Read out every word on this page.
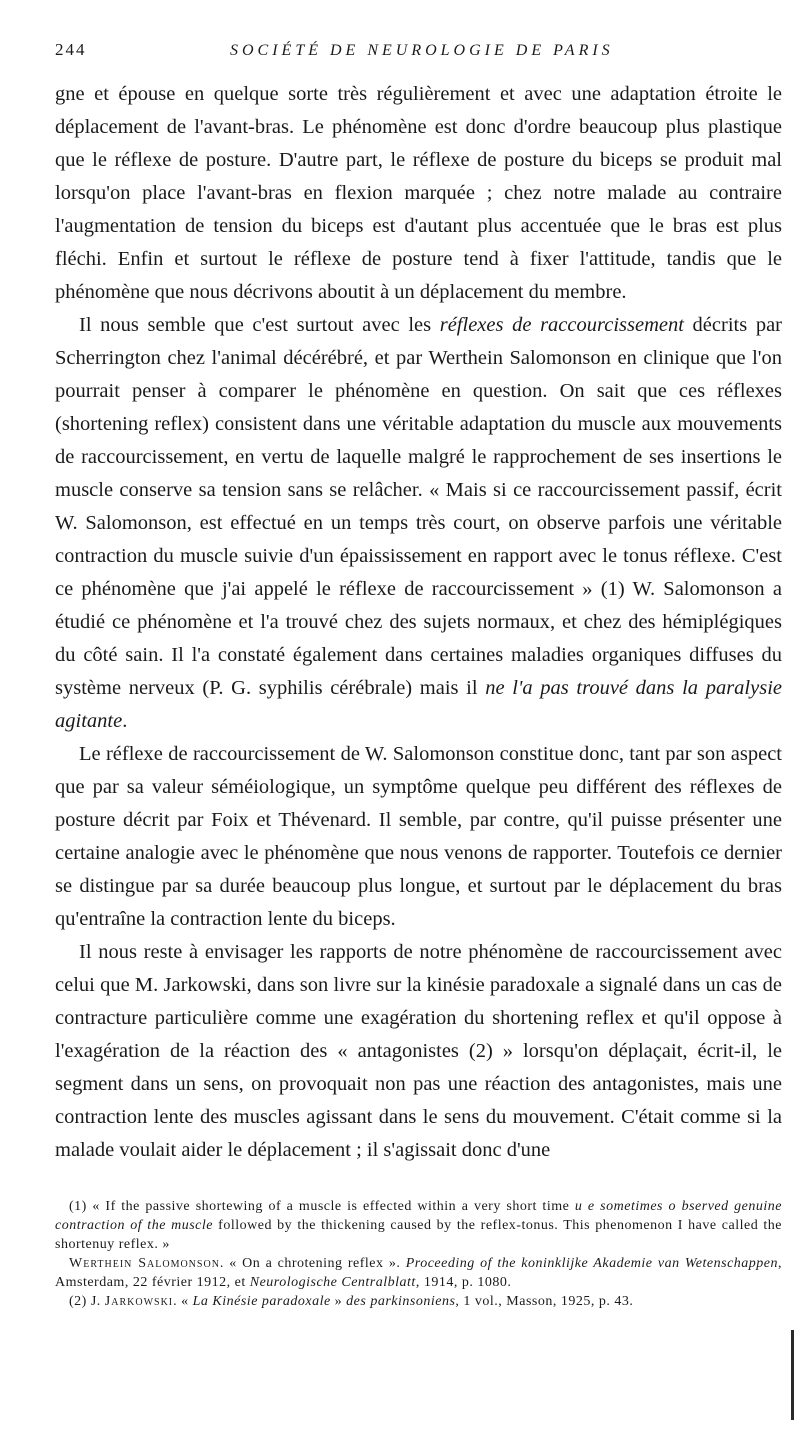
244	SOCIÉTÉ DE NEUROLOGIE DE PARIS

gne et épouse en quelque sorte très régulièrement et avec une adaptation étroite le déplacement de l'avant-bras. Le phénomène est donc d'ordre beaucoup plus plastique que le réflexe de posture. D'autre part, le réflexe de posture du biceps se produit mal lorsqu'on place l'avant-bras en flexion marquée ; chez notre malade au contraire l'augmentation de tension du biceps est d'autant plus accentuée que le bras est plus fléchi. Enfin et surtout le réflexe de posture tend à fixer l'attitude, tandis que le phénomène que nous décrivons aboutit à un déplacement du membre.

Il nous semble que c'est surtout avec les réflexes de raccourcissement décrits par Scherrington chez l'animal décérébré, et par Werthein Salomonson en clinique que l'on pourrait penser à comparer le phénomène en question. On sait que ces réflexes (shortening reflex) consistent dans une véritable adaptation du muscle aux mouvements de raccourcissement, en vertu de laquelle malgré le rapprochement de ses insertions le muscle conserve sa tension sans se relâcher. « Mais si ce raccourcissement passif, écrit W. Salomonson, est effectué en un temps très court, on observe parfois une véritable contraction du muscle suivie d'un épaississement en rapport avec le tonus réflexe. C'est ce phénomène que j'ai appelé le réflexe de raccourcissement » (1) W. Salomonson a étudié ce phénomène et l'a trouvé chez des sujets normaux, et chez des hémiplégiques du côté sain. Il l'a constaté également dans certaines maladies organiques diffuses du système nerveux (P. G. syphilis cérébrale) mais il ne l'a pas trouvé dans la paralysie agitante.

Le réflexe de raccourcissement de W. Salomonson constitue donc, tant par son aspect que par sa valeur séméiologique, un symptôme quelque peu différent des réflexes de posture décrit par Foix et Thévenard. Il semble, par contre, qu'il puisse présenter une certaine analogie avec le phénomène que nous venons de rapporter. Toutefois ce dernier se distingue par sa durée beaucoup plus longue, et surtout par le déplacement du bras qu'entraîne la contraction lente du biceps.

Il nous reste à envisager les rapports de notre phénomène de raccourcissement avec celui que M. Jarkowski, dans son livre sur la kinésie paradoxale a signalé dans un cas de contracture particulière comme une exagération du shortening reflex et qu'il oppose à l'exagération de la réaction des « antagonistes (2) » lorsqu'on déplaçait, écrit-il, le segment dans un sens, on provoquait non pas une réaction des antagonistes, mais une contraction lente des muscles agissant dans le sens du mouvement. C'était comme si la malade voulait aider le déplacement ; il s'agissait donc d'une

(1) « If the passive shortewing of a muscle is effected within a very short time u e sometimes o bserved genuine contraction of the muscle followed by the thickening caused by the reflex-tonus. This phenomenon I have called the shortenuy reflex. »

Werthein Salomonson. « On a chrotening reflex ». Proceeding of the koninklijke Akademie van Wetenschappen, Amsterdam, 22 février 1912, et Neurologische Centralblatt, 1914, p. 1080.

(2) J. Jarkowski. « La Kinésie paradoxale » des parkinsoniens, 1 vol., Masson, 1925, p. 43.
